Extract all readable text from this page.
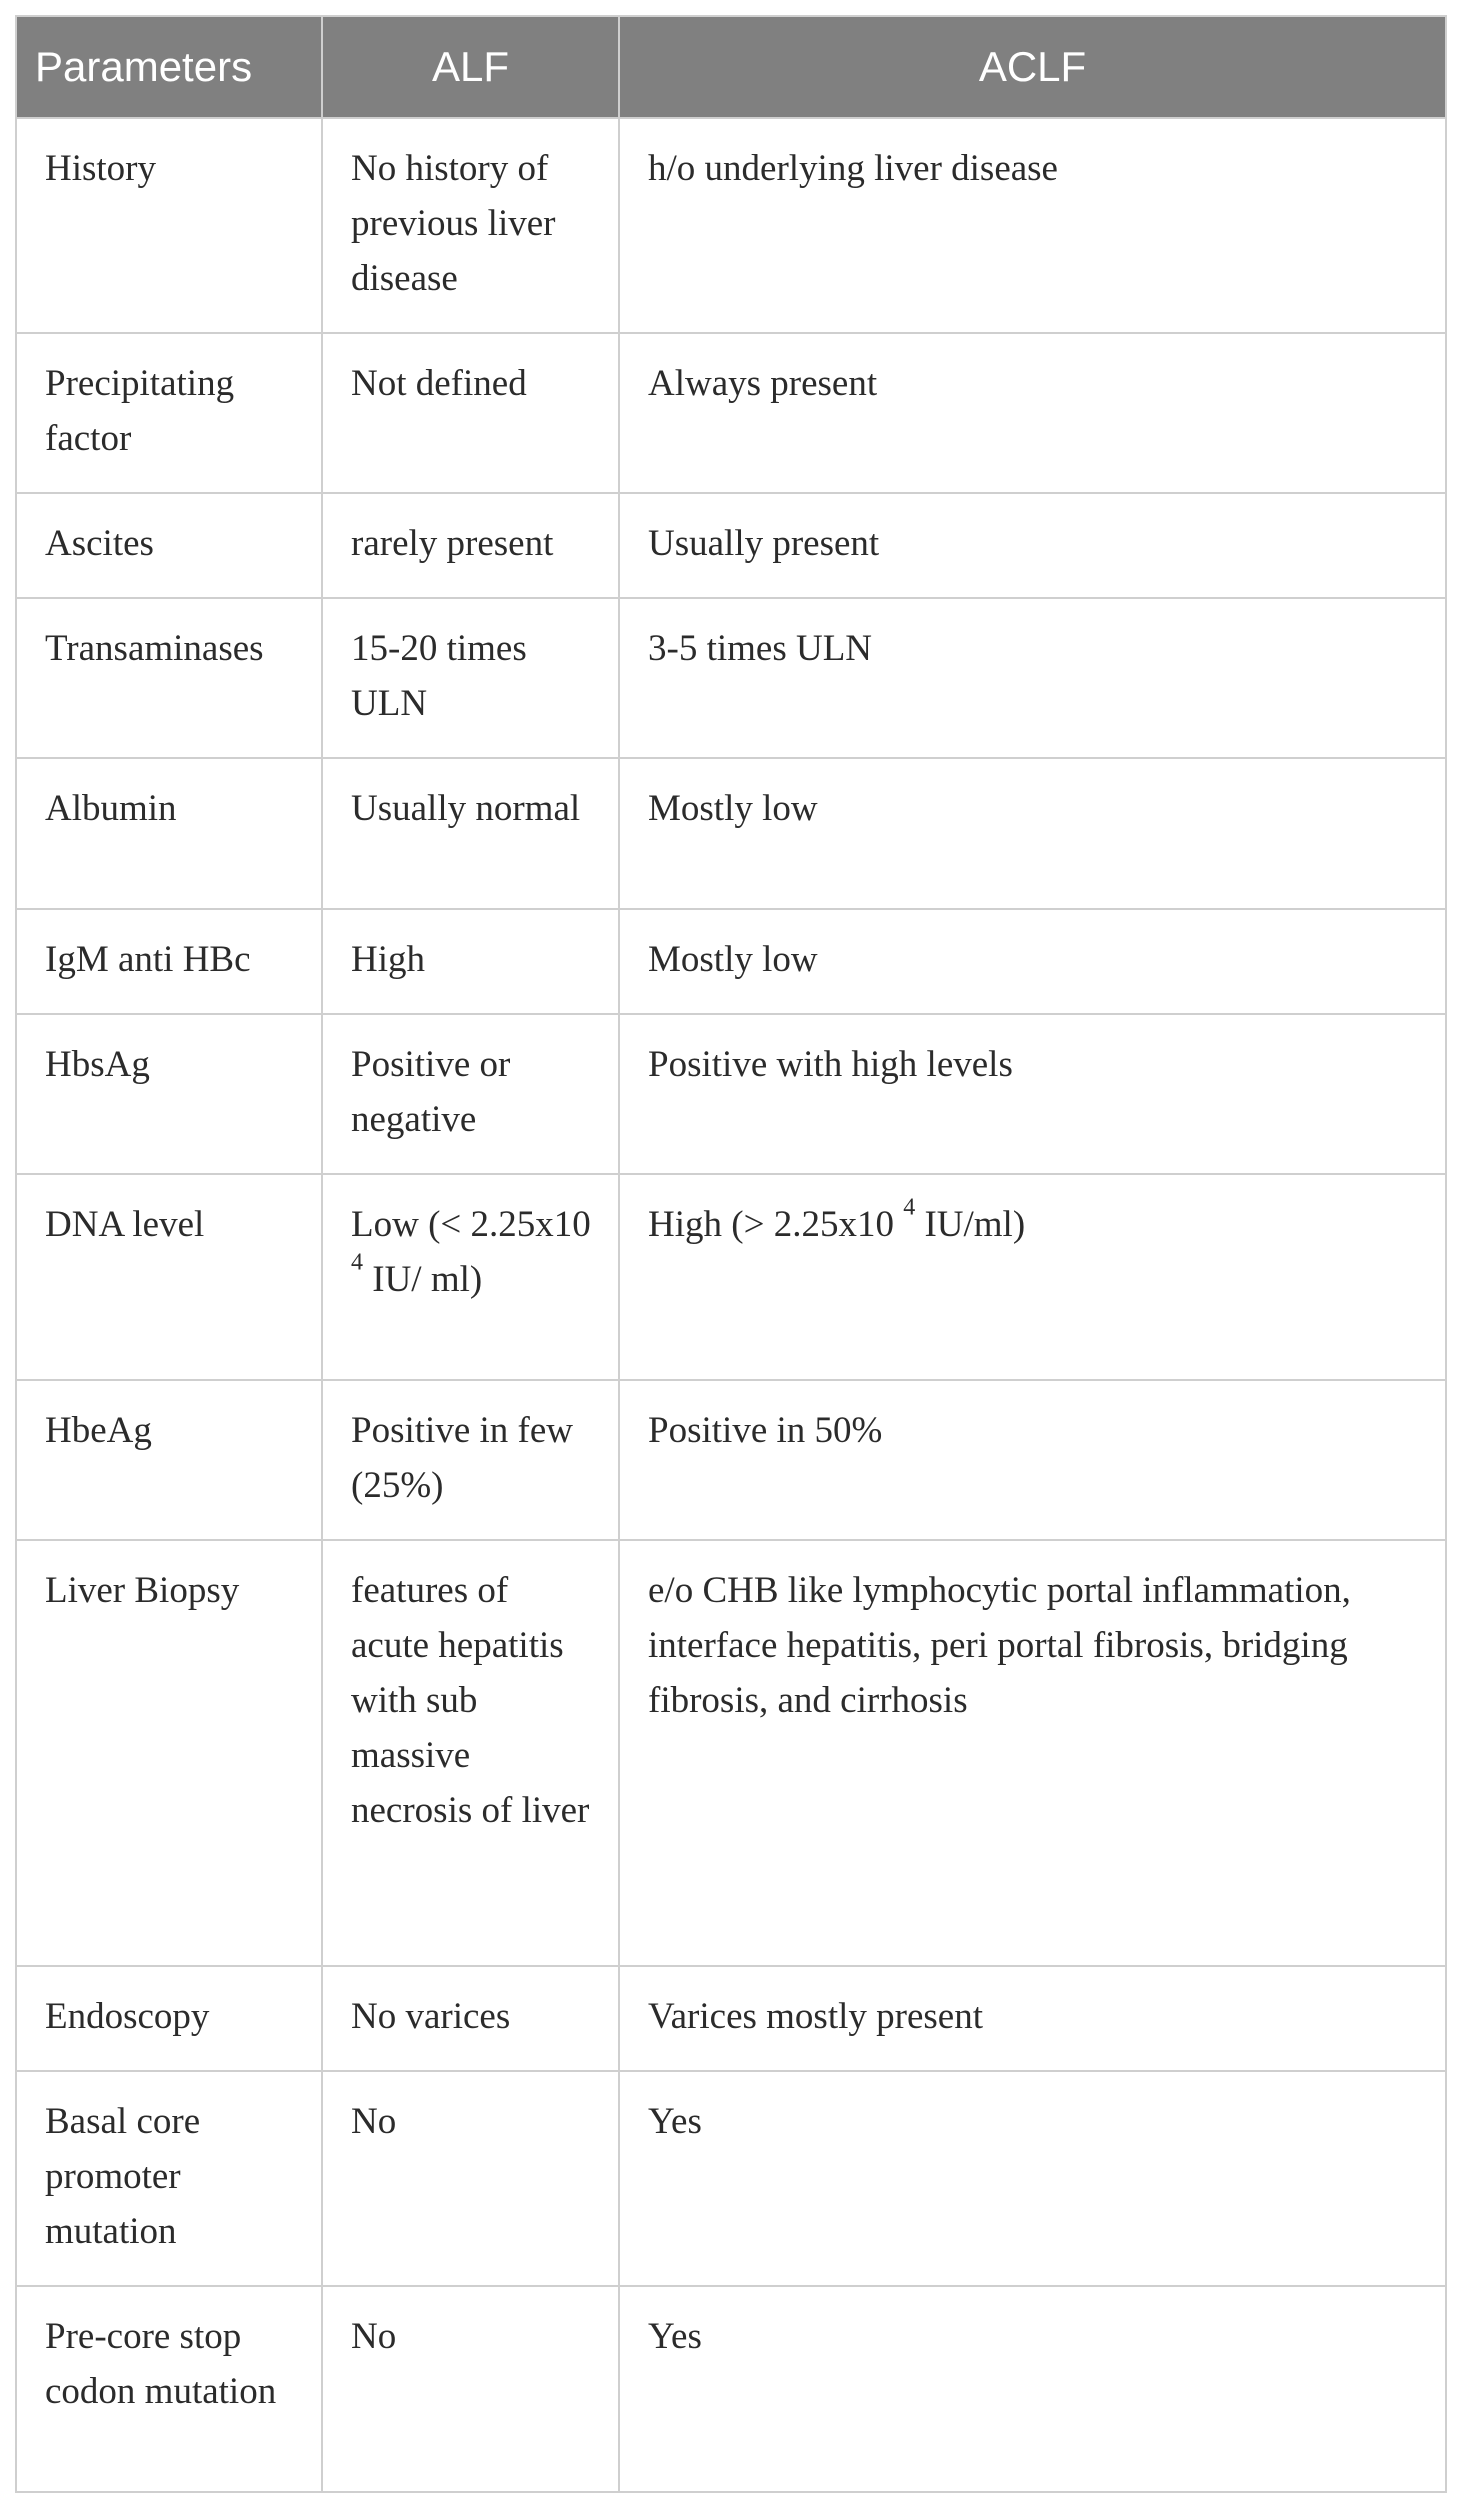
Parameters	ALF	ACLF
History	No history of previous liver disease	h/o underlying liver disease
Precipitating factor	Not defined	Always present
Ascites	rarely present	Usually present
Transaminases	15-20 times ULN	3-5 times ULN
Albumin	Usually normal	Mostly low
IgM anti HBc	High	Mostly low
HbsAg	Positive or negative	Positive with high levels
DNA level	Low (< 2.25x10 $^4$ IU/ ml)	High (> 2.25x10 $^4$ IU/ml)
HbeAg	Positive in few (25%)	Positive in 50%
Liver Biopsy	features of acute hepatitis with sub massive necrosis of liver	e/o CHB like lymphocytic portal inflammation, interface hepatitis, peri portal fibrosis, bridging fibrosis, and cirrhosis
Endoscopy	No varices	Varices mostly present
Basal core promoter mutation	No	Yes
Pre-core stop codon mutation	No	Yes
